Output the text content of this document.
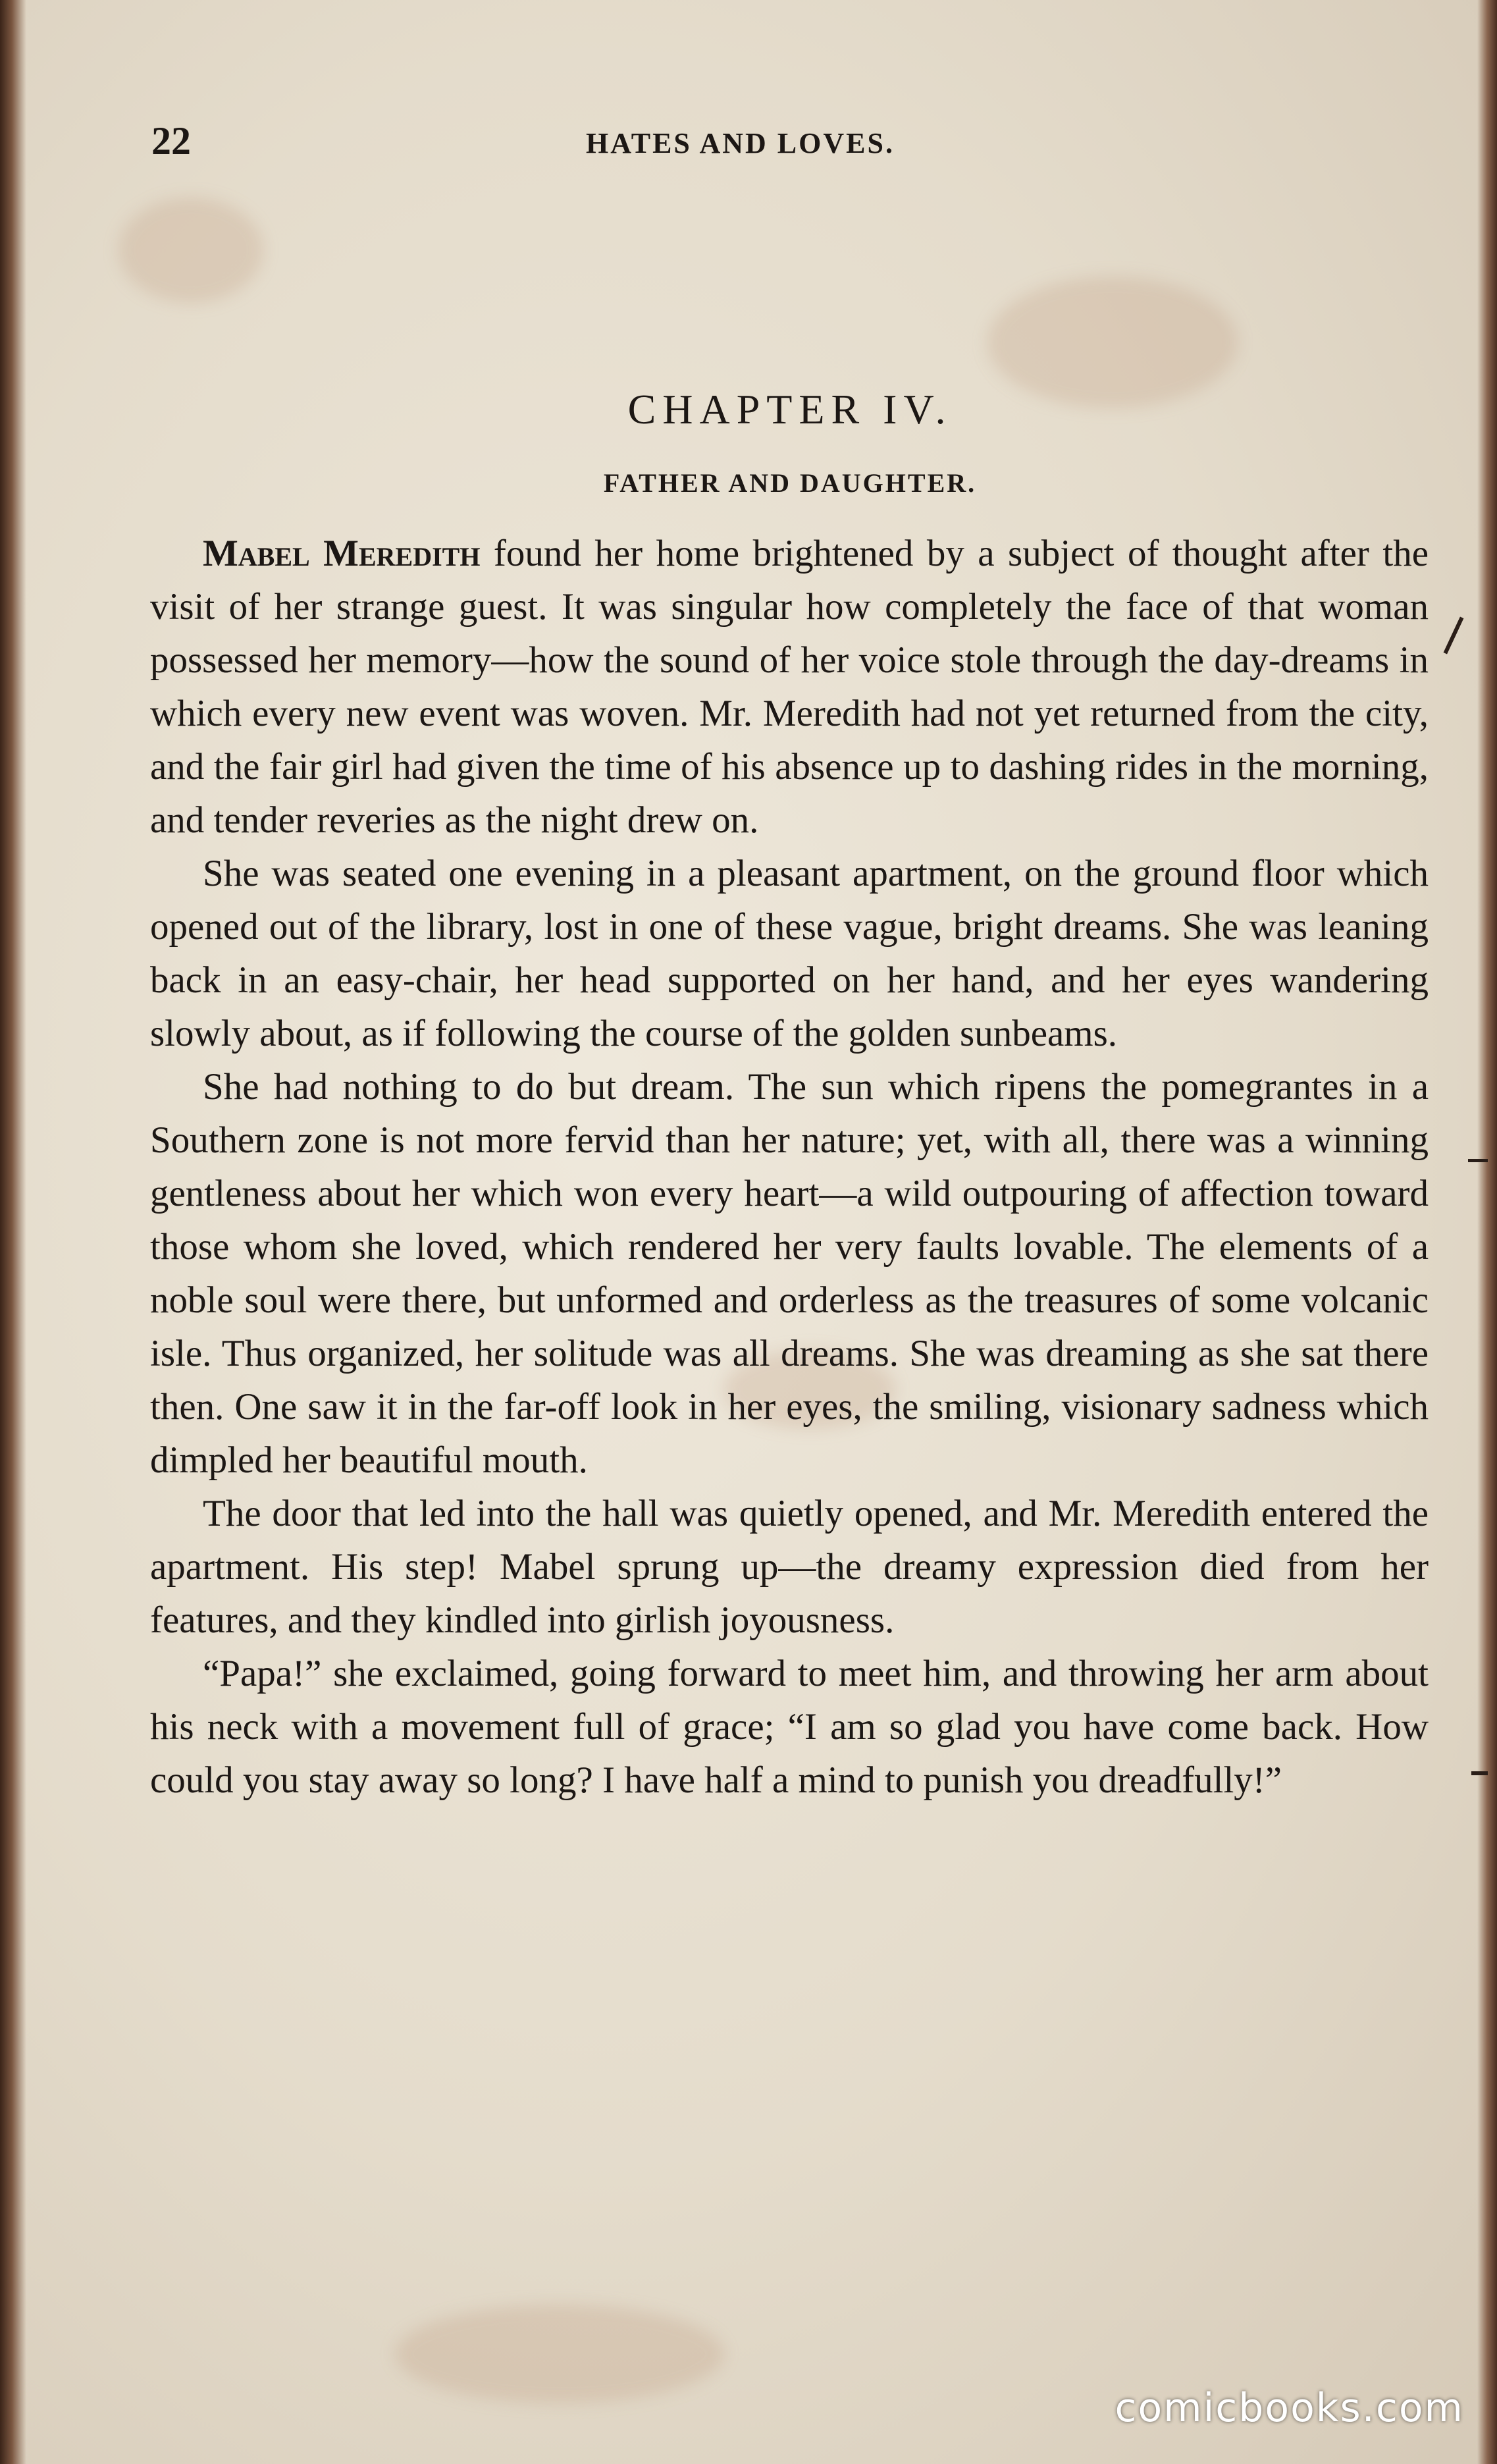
22	HATES AND LOVES.
CHAPTER IV.
FATHER AND DAUGHTER.

Mabel Meredith found her home brightened by a subject of thought after the visit of her strange guest. It was singular how completely the face of that woman possessed her memory—how the sound of her voice stole through the day-dreams in which every new event was woven. Mr. Meredith had not yet returned from the city, and the fair girl had given the time of his absence up to dashing rides in the morning, and tender reveries as the night drew on.

She was seated one evening in a pleasant apartment, on the ground floor which opened out of the library, lost in one of these vague, bright dreams. She was leaning back in an easy-chair, her head supported on her hand, and her eyes wandering slowly about, as if following the course of the golden sunbeams.

She had nothing to do but dream. The sun which ripens the pomegrantes in a Southern zone is not more fervid than her nature; yet, with all, there was a winning gentleness about her which won every heart—a wild outpouring of affection toward those whom she loved, which rendered her very faults lovable. The elements of a noble soul were there, but unformed and orderless as the treasures of some volcanic isle. Thus organized, her solitude was all dreams. She was dreaming as she sat there then. One saw it in the far-off look in her eyes, the smiling, visionary sadness which dimpled her beautiful mouth.

The door that led into the hall was quietly opened, and Mr. Meredith entered the apartment. His step! Mabel sprung up—the dreamy expression died from her features, and they kindled into girlish joyousness.

“Papa!” she exclaimed, going forward to meet him, and throwing her arm about his neck with a movement full of grace; “I am so glad you have come back. How could you stay away so long? I have half a mind to punish you dreadfully!”

comicbooks.com
